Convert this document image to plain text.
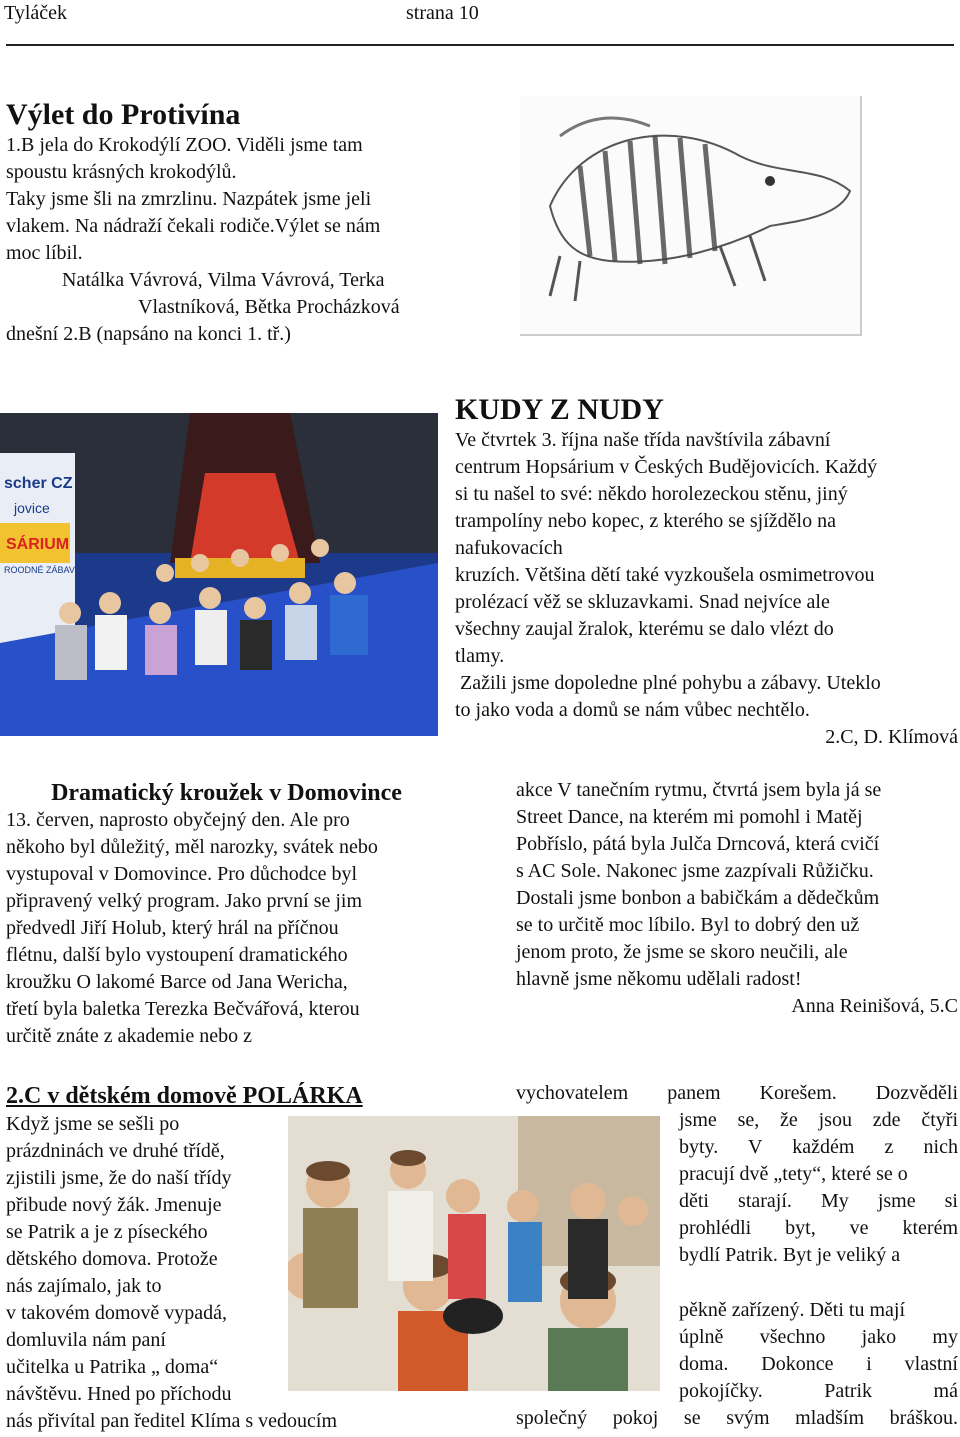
Tyláček	strana 10
Výlet do Protivína
1.B jela do Krokodýlí ZOO. Viděli jsme tam
spoustu krásných krokodýlů.
Taky jsme šli na zmrzlinu. Nazpátek jsme jeli
vlakem. Na nádraží čekali rodiče.Výlet se nám
moc líbil.
Natálka Vávrová, Vilma Vávrová, Terka
Vlastníková, Bětka Procházková
dnešní 2.B (napsáno na konci 1. tř.)
KUDY Z NUDY
Ve čtvrtek 3. října naše třída navštívila zábavní
centrum Hopsárium v Českých Budějovicích. Každý
si tu našel to své: někdo horolezeckou stěnu, jiný
trampolíny nebo kopec, z kterého se sjíždělo na
nafukovacích
kruzích. Většina dětí také vyzkoušela osmimetrovou
prolézací věž se skluzavkami. Snad nejvíce ale
všechny zaujal žralok, kterému se dalo vlézt do
tlamy.
Zažili jsme dopoledne plné pohybu a zábavy. Uteklo
to jako voda a domů se nám vůbec nechtělo.
2.C, D. Klímová
scher CZ
jovice
SÁRIUM
ROODNÉ ZÁBAVY
Dramatický kroužek v Domovince
13. červen, naprosto obyčejný den. Ale pro
někoho byl důležitý, měl narozky, svátek nebo
vystupoval v Domovince. Pro důchodce byl
připravený velký program. Jako první se jim
předvedl Jiří Holub, který hrál na příčnou
flétnu, další bylo vystoupení dramatického
kroužku O lakomé Barce od Jana Wericha,
třetí byla baletka Terezka Bečvářová, kterou
určitě znáte z akademie nebo z
akce V tanečním rytmu, čtvrtá jsem byla já se
Street Dance, na kterém mi pomohl i Matěj
Pobříslo, pátá byla Julča Drncová, která cvičí
s AC Sole. Nakonec jsme zazpívali Růžičku.
Dostali jsme bonbon a babičkám a dědečkům
se to určitě moc líbilo. Byl to dobrý den už
jenom proto, že jsme se skoro neučili, ale
hlavně jsme někomu udělali radost!
Anna Reinišová, 5.C
2.C v dětském domově POLÁRKA
Když jsme se sešli po
prázdninách ve druhé třídě,
zjistili jsme, že do naší třídy
přibude nový žák. Jmenuje
se Patrik a je z píseckého
dětského domova. Protože
nás zajímalo, jak to
v takovém domově vypadá,
domluvila nám paní
učitelka u Patrika „ doma“
návštěvu. Hned po příchodu
nás přivítal pan ředitel Klíma s vedoucím
vychovatelem panem Korešem. Dozvěděli
jsme se, že jsou zde čtyři
byty. V každém z nich
pracují dvě „tety“, které se o
děti starají. My jsme si
prohlédli byt, ve kterém
bydlí Patrik. Byt je veliký a
pěkně zařízený. Děti tu mají
úplně všechno jako my
doma. Dokonce i vlastní
pokojíčky. Patrik má
společný pokoj se svým mladším bráškou.
